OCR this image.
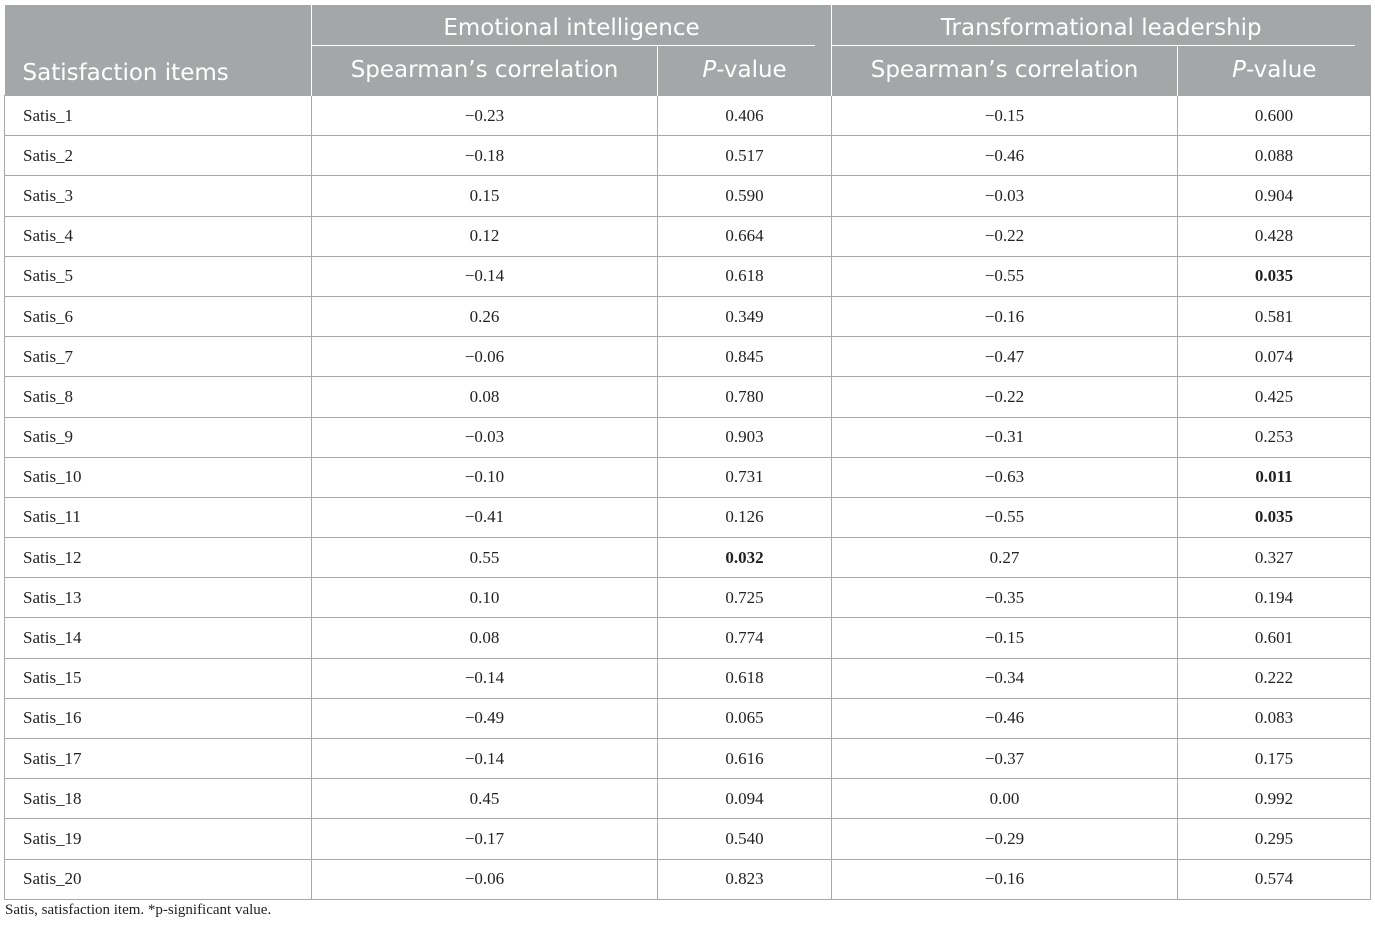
Satisfaction items	Emotional intelligence		Transformational leadership	

	Spearman’s correlation	P-value	Spearman’s correlation	P-value
Satis_1	−0.23	0.406	−0.15	0.600
Satis_2	−0.18	0.517	−0.46	0.088
Satis_3	0.15	0.590	−0.03	0.904
Satis_4	0.12	0.664	−0.22	0.428
Satis_5	−0.14	0.618	−0.55	0.035
Satis_6	0.26	0.349	−0.16	0.581
Satis_7	−0.06	0.845	−0.47	0.074
Satis_8	0.08	0.780	−0.22	0.425
Satis_9	−0.03	0.903	−0.31	0.253
Satis_10	−0.10	0.731	−0.63	0.011
Satis_11	−0.41	0.126	−0.55	0.035
Satis_12	0.55	0.032	0.27	0.327
Satis_13	0.10	0.725	−0.35	0.194
Satis_14	0.08	0.774	−0.15	0.601
Satis_15	−0.14	0.618	−0.34	0.222
Satis_16	−0.49	0.065	−0.46	0.083
Satis_17	−0.14	0.616	−0.37	0.175
Satis_18	0.45	0.094	0.00	0.992
Satis_19	−0.17	0.540	−0.29	0.295
Satis_20	−0.06	0.823	−0.16	0.574
Satis, satisfaction item. *p-significant value.
